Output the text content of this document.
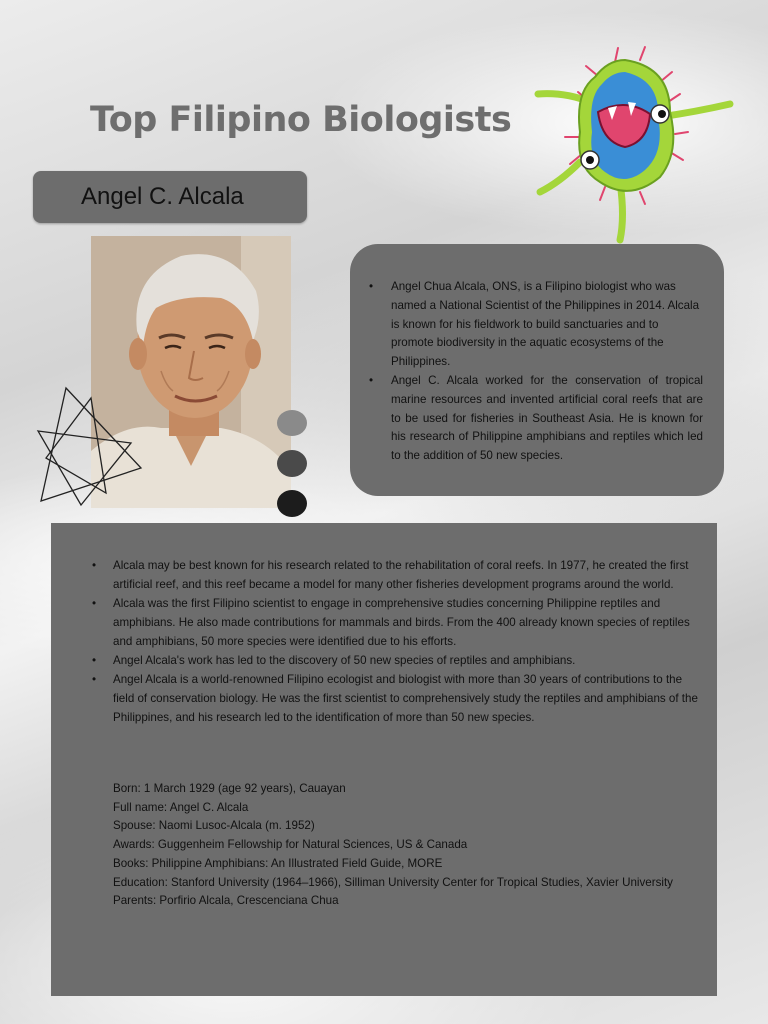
Top Filipino Biologists
Angel C. Alcala
• Angel Chua Alcala, ONS, is a Filipino biologist who was named a National Scientist of the Philippines in 2014. Alcala is known for his fieldwork to build sanctuaries and to promote biodiversity in the aquatic ecosystems of the Philippines.
• Angel C. Alcala worked for the conservation of tropical marine resources and invented artificial coral reefs that are to be used for fisheries in Southeast Asia. He is known for his research of Philippine amphibians and reptiles which led to the addition of 50 new species.
• Alcala may be best known for his research related to the rehabilitation of coral reefs. In 1977, he created the first artificial reef, and this reef became a model for many other fisheries development programs around the world.
• Alcala was the first Filipino scientist to engage in comprehensive studies concerning Philippine reptiles and amphibians. He also made contributions for mammals and birds. From the 400 already known species of reptiles and amphibians, 50 more species were identified due to his efforts.
• Angel Alcala's work has led to the discovery of 50 new species of reptiles and amphibians.
• Angel Alcala is a world-renowned Filipino ecologist and biologist with more than 30 years of contributions to the field of conservation biology. He was the first scientist to comprehensively study the reptiles and amphibians of the Philippines, and his research led to the identification of more than 50 new species.
Born: 1 March 1929 (age 92 years), Cauayan
Full name: Angel C. Alcala
Spouse: Naomi Lusoc-Alcala (m. 1952)
Awards: Guggenheim Fellowship for Natural Sciences, US & Canada
Books: Philippine Amphibians: An Illustrated Field Guide, MORE
Education: Stanford University (1964–1966), Silliman University Center for Tropical Studies, Xavier University
Parents: Porfirio Alcala, Crescenciana Chua
